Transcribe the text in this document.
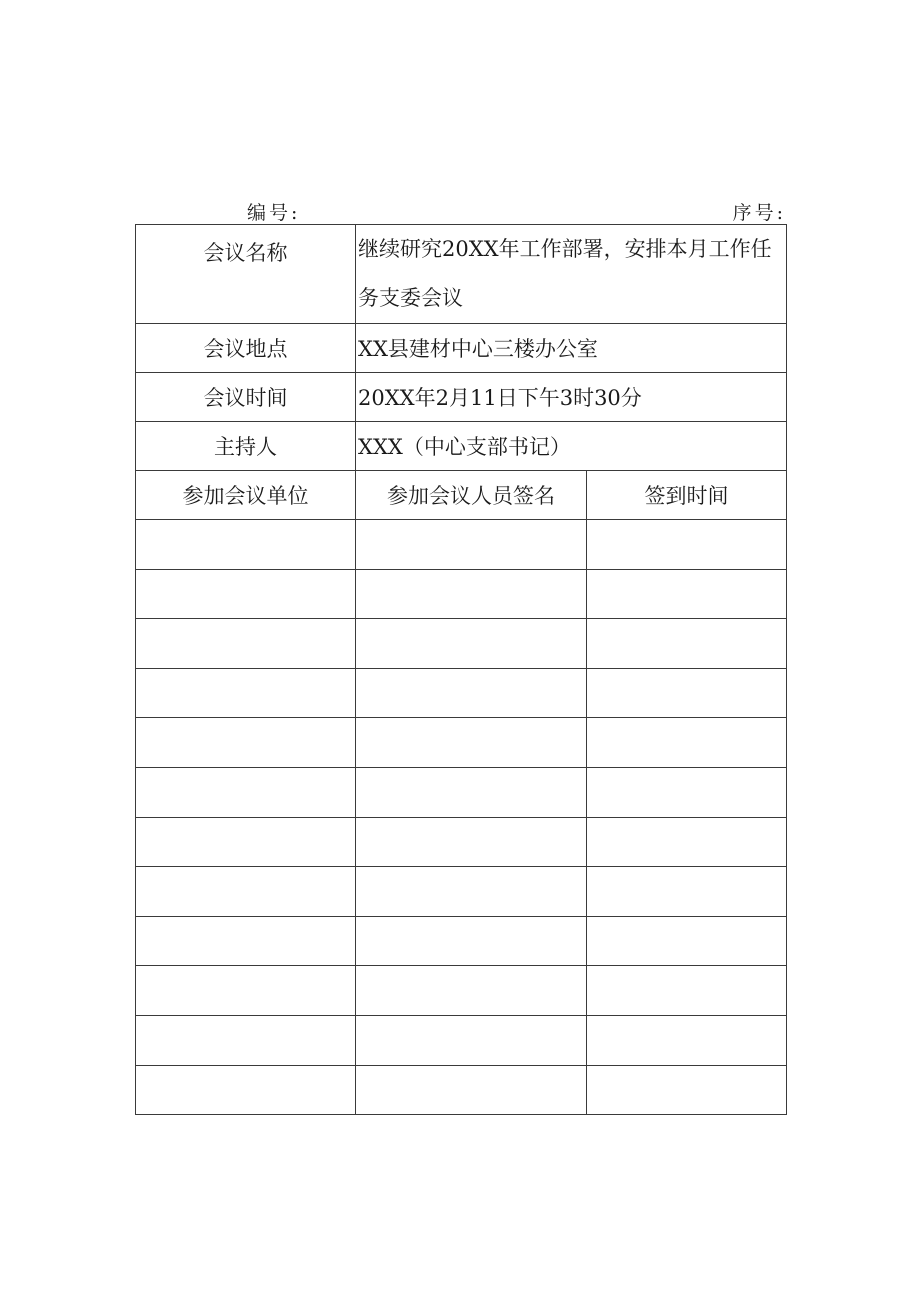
编号:	序号:
会议名称	继续研究20XX年工作部署，安排本月工作任务支委会议	
会议地点	XX县建材中心三楼办公室	
会议时间	20XX年2月11日下午3时30分	
主持人	XXX（中心支部书记）	
参加会议单位	参加会议人员签名	签到时间
